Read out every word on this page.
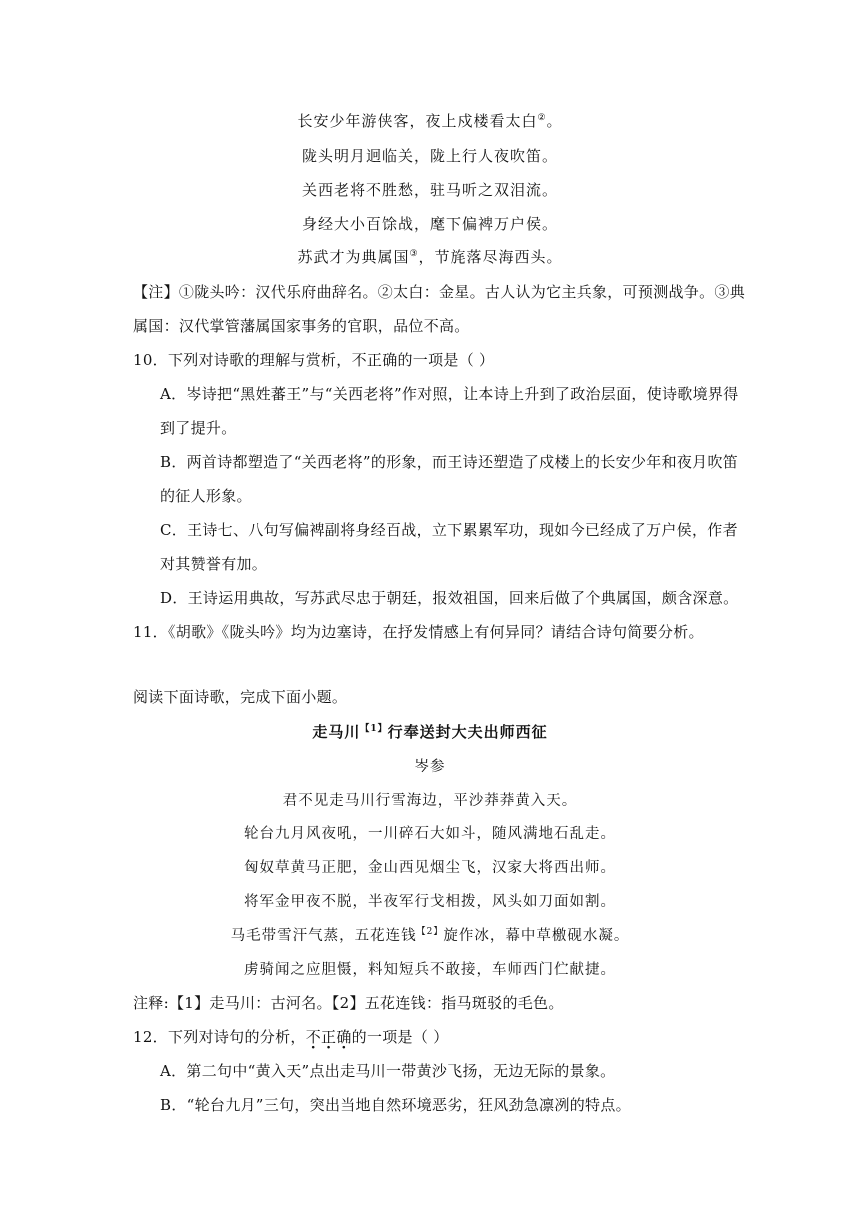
长安少年游侠客，夜上戍楼看太白②。
陇头明月迥临关，陇上行人夜吹笛。
关西老将不胜愁，驻马听之双泪流。
身经大小百馀战，麾下偏裨万户侯。
苏武才为典属国③，节旄落尽海西头。
【注】①陇头吟：汉代乐府曲辞名。②太白：金星。古人认为它主兵象，可预测战争。③典
属国：汉代掌管藩属国家事务的官职，品位不高。
10．下列对诗歌的理解与赏析，不正确的一项是（ ）
A．岑诗把“黑姓蕃王”与“关西老将”作对照，让本诗上升到了政治层面，使诗歌境界得
到了提升。
B．两首诗都塑造了“关西老将”的形象，而王诗还塑造了戍楼上的长安少年和夜月吹笛
的征人形象。
C．王诗七、八句写偏裨副将身经百战，立下累累军功，现如今已经成了万户侯，作者
对其赞誉有加。
D．王诗运用典故，写苏武尽忠于朝廷，报效祖国，回来后做了个典属国，颇含深意。
11．《胡歌》《陇头吟》均为边塞诗，在抒发情感上有何异同？请结合诗句简要分析。
阅读下面诗歌，完成下面小题。
走马川$^{【1】}$行奉送封大夫出师西征
岑参
君不见走马川行雪海边，平沙莽莽黄入天。
轮台九月风夜吼，一川碎石大如斗，随风满地石乱走。
匈奴草黄马正肥，金山西见烟尘飞，汉家大将西出师。
将军金甲夜不脱，半夜军行戈相拨，风头如刀面如割。
马毛带雪汗气蒸，五花连钱$^{【2】}$旋作冰，幕中草檄砚水凝。
虏骑闻之应胆慑，料知短兵不敢接，车师西门伫献捷。
注释:【1】走马川：古河名。【2】五花连钱：指马斑驳的毛色。
12．下列对诗句的分析，不正确的一项是（ ）
A．第二句中“黄入天”点出走马川一带黄沙飞扬，无边无际的景象。
B．“轮台九月”三句，突出当地自然环境恶劣，狂风劲急凛冽的特点。
